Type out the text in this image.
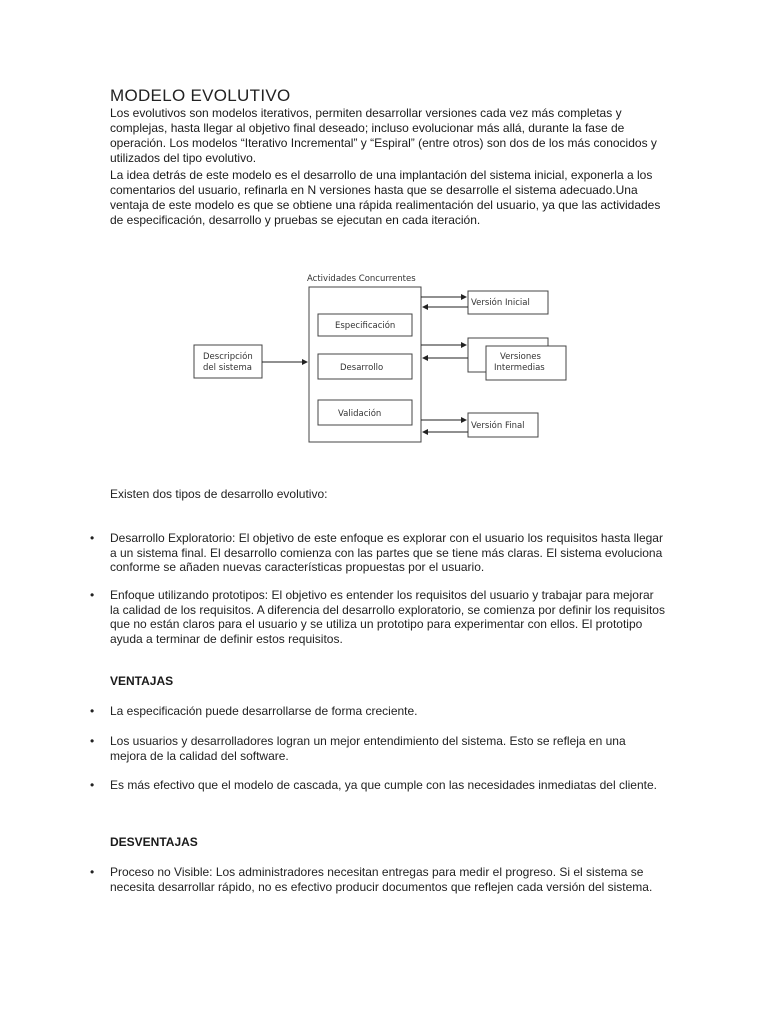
MODELO EVOLUTIVO

Los evolutivos son modelos iterativos, permiten desarrollar versiones cada vez más completas y complejas, hasta llegar al objetivo final deseado; incluso evolucionar más allá, durante la fase de operación. Los modelos “Iterativo Incremental” y “Espiral” (entre otros) son dos de los más conocidos y utilizados del tipo evolutivo.

La idea detrás de este modelo es el desarrollo de una implantación del sistema inicial, exponerla a los comentarios del usuario, refinarla en N versiones hasta que se desarrolle el sistema adecuado.Una ventaja de este modelo es que se obtiene una rápida realimentación del usuario, ya que las actividades de especificación, desarrollo y pruebas se ejecutan en cada iteración.

Actividades Concurrentes
Descripción
del sistema
Especificación
Desarrollo
Validación
Versión Inicial
Versiones
Intermedias
Versión Final
Existen dos tipos de desarrollo evolutivo:
•	Desarrollo Exploratorio: El objetivo de este enfoque es explorar con el usuario los requisitos hasta llegar a un sistema final. El desarrollo comienza con las partes que se tiene más claras. El sistema evoluciona conforme se añaden nuevas características propuestas por el usuario.
•	Enfoque utilizando prototipos: El objetivo es entender los requisitos del usuario y trabajar para mejorar la calidad de los requisitos. A diferencia del desarrollo exploratorio, se comienza por definir los requisitos que no están claros para el usuario y se utiliza un prototipo para experimentar con ellos. El prototipo ayuda a terminar de definir estos requisitos.
VENTAJAS
•	La especificación puede desarrollarse de forma creciente.
•	Los usuarios y desarrolladores logran un mejor entendimiento del sistema. Esto se refleja en una mejora de la calidad del software.
•	Es más efectivo que el modelo de cascada, ya que cumple con las necesidades inmediatas del cliente.
DESVENTAJAS
•	Proceso no Visible: Los administradores necesitan entregas para medir el progreso. Si el sistema se necesita desarrollar rápido, no es efectivo producir documentos que reflejen cada versión del sistema.
